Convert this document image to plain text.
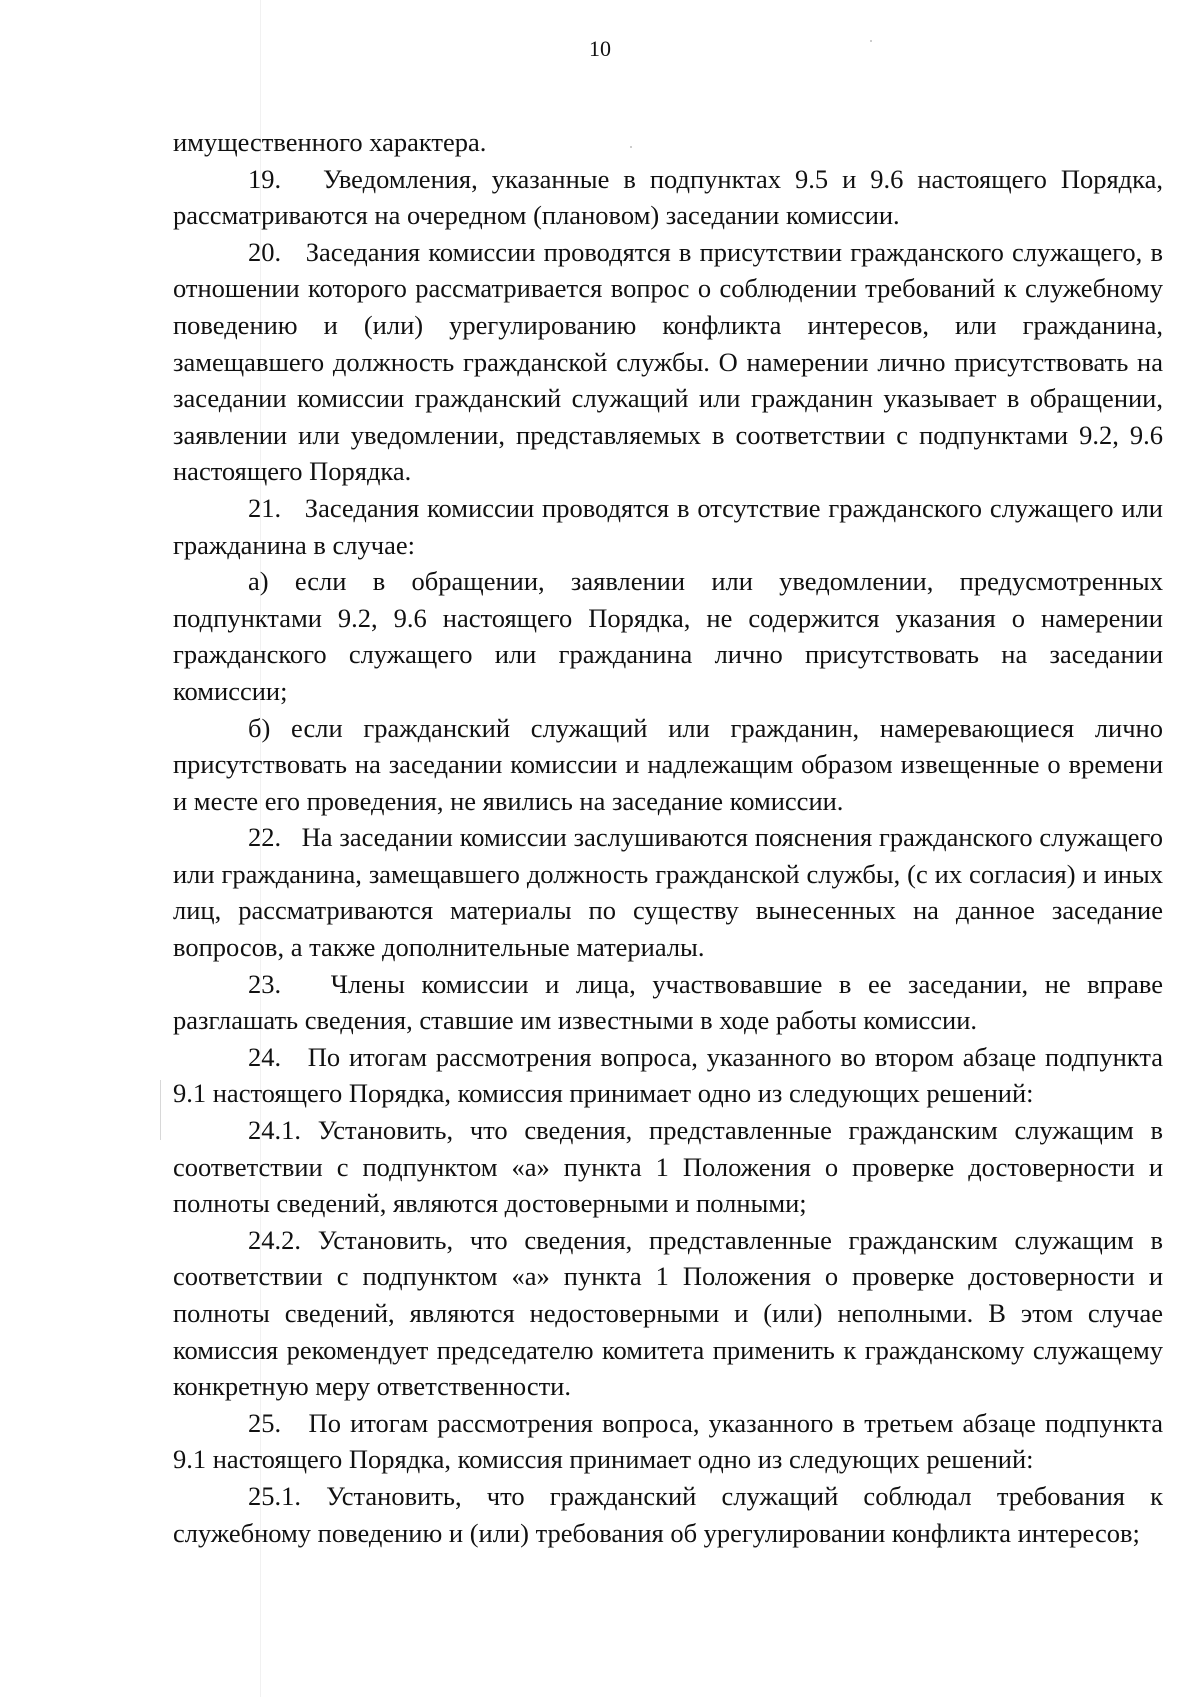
10

имущественного характера.

19.   Уведомления, указанные в подпунктах 9.5 и 9.6 настоящего Порядка, рассматриваются на очередном (плановом) заседании комиссии.

20.   Заседания комиссии проводятся в присутствии гражданского служащего, в отношении которого рассматривается вопрос о соблюдении требований к служебному поведению и (или) урегулированию конфликта интересов, или гражданина, замещавшего должность гражданской службы. О намерении лично присутствовать на заседании комиссии гражданский служащий или гражданин указывает в обращении, заявлении или уведомлении, представляемых в соответствии с подпунктами 9.2, 9.6 настоящего Порядка.

21.   Заседания комиссии проводятся в отсутствие гражданского служащего или гражданина в случае:

а) если в обращении, заявлении или уведомлении, предусмотренных подпунктами 9.2, 9.6 настоящего Порядка, не содержится указания о намерении гражданского служащего или гражданина лично присутствовать на заседании комиссии;

б) если гражданский служащий или гражданин, намеревающиеся лично присутствовать на заседании комиссии и надлежащим образом извещенные о времени и месте его проведения, не явились на заседание комиссии.

22.   На заседании комиссии заслушиваются пояснения гражданского служащего или гражданина, замещавшего должность гражданской службы, (с их согласия) и иных лиц, рассматриваются материалы по существу вынесенных на данное заседание вопросов, а также дополнительные материалы.

23.   Члены комиссии и лица, участвовавшие в ее заседании, не вправе разглашать сведения, ставшие им известными в ходе работы комиссии.

24.   По итогам рассмотрения вопроса, указанного во втором абзаце подпункта 9.1 настоящего Порядка, комиссия принимает одно из следующих решений:

24.1. Установить, что сведения, представленные гражданским служащим в соответствии с подпунктом «а» пункта 1 Положения о проверке достоверности и полноты сведений, являются достоверными и полными;

24.2. Установить, что сведения, представленные гражданским служащим в соответствии с подпунктом «а» пункта 1 Положения о проверке достоверности и полноты сведений, являются недостоверными и (или) неполными. В этом случае комиссия рекомендует председателю комитета применить к гражданскому служащему конкретную меру ответственности.

25.   По итогам рассмотрения вопроса, указанного в третьем абзаце подпункта 9.1 настоящего Порядка, комиссия принимает одно из следующих решений:

25.1. Установить, что гражданский служащий соблюдал требования к служебному поведению и (или) требования об урегулировании конфликта интересов;
